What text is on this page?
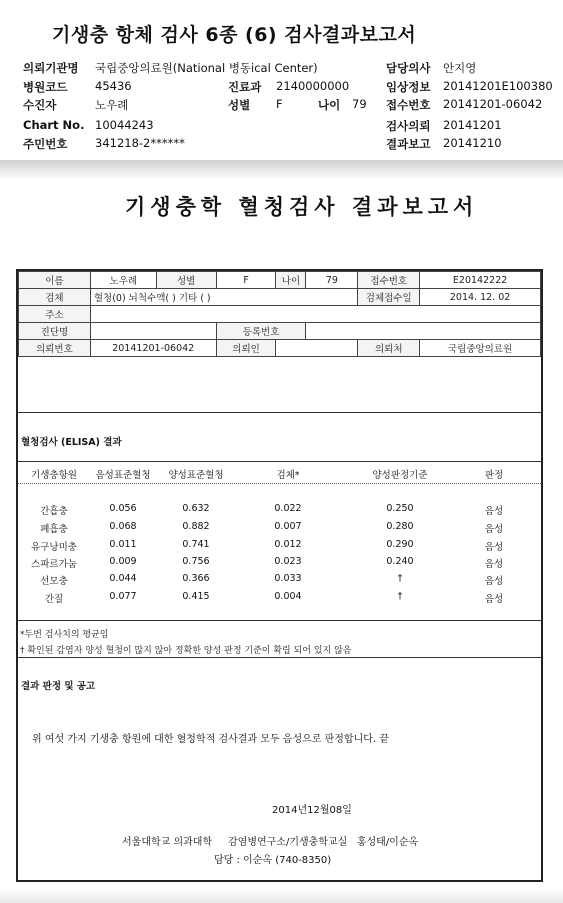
기생충 항체 검사 6종 (6) 검사결과보고서
의뢰기관명 국립중앙의료원(National 병동ical Center)
병원코드 45436
수진자	노우례
Chart No. 10044243
주민번호 341218-2******
진료과 2140000000
성별 F	나이 79
담당의사 안지영
임상정보 20141201E100380
접수번호 20141201-06042
검사의뢰 20141201
결과보고 20141210
기생충학 혈청검사 결과보고서
이름	노우례	성별	F	나이	79	접수번호	E20142222
검체	혈청(0) 뇌척수액( ) 기타 ( )					검체접수일	2014. 12. 02
주소							
진단명			등록번호				
의뢰번호	20141201-06042		의뢰인			의뢰처	국립중앙의료원
혈청검사 (ELISA) 결과
기생충항원	음성표준혈청	양성표준혈청	검체*	양성판정기준	판정
간흡충	0.056	0.632	0.022	0.250	음성
폐흡충	0.068	0.882	0.007	0.280	음성
유구낭미충	0.011	0.741	0.012	0.290	음성
스파르가눔	0.009	0.756	0.023	0.240	음성
선모충	0.044	0.366	0.033	†	음성
간질	0.077	0.415	0.004	†	음성
*두번 검사치의 평균임
† 확인된 감염자 양성 혈청이 많지 않아 정확한 양성 판정 기준이 확립 되어 있지 않음
결과 판정 및 공고
위 여섯 가지 기생충 항원에 대한 혈청학적 검사결과 모두 음성으로 판정합니다. 끝
2014년12월08일
서울대학교 의과대학     감염병연구소/기생충학교실   홍성태/이순옥
담당 : 이순옥 (740-8350)
